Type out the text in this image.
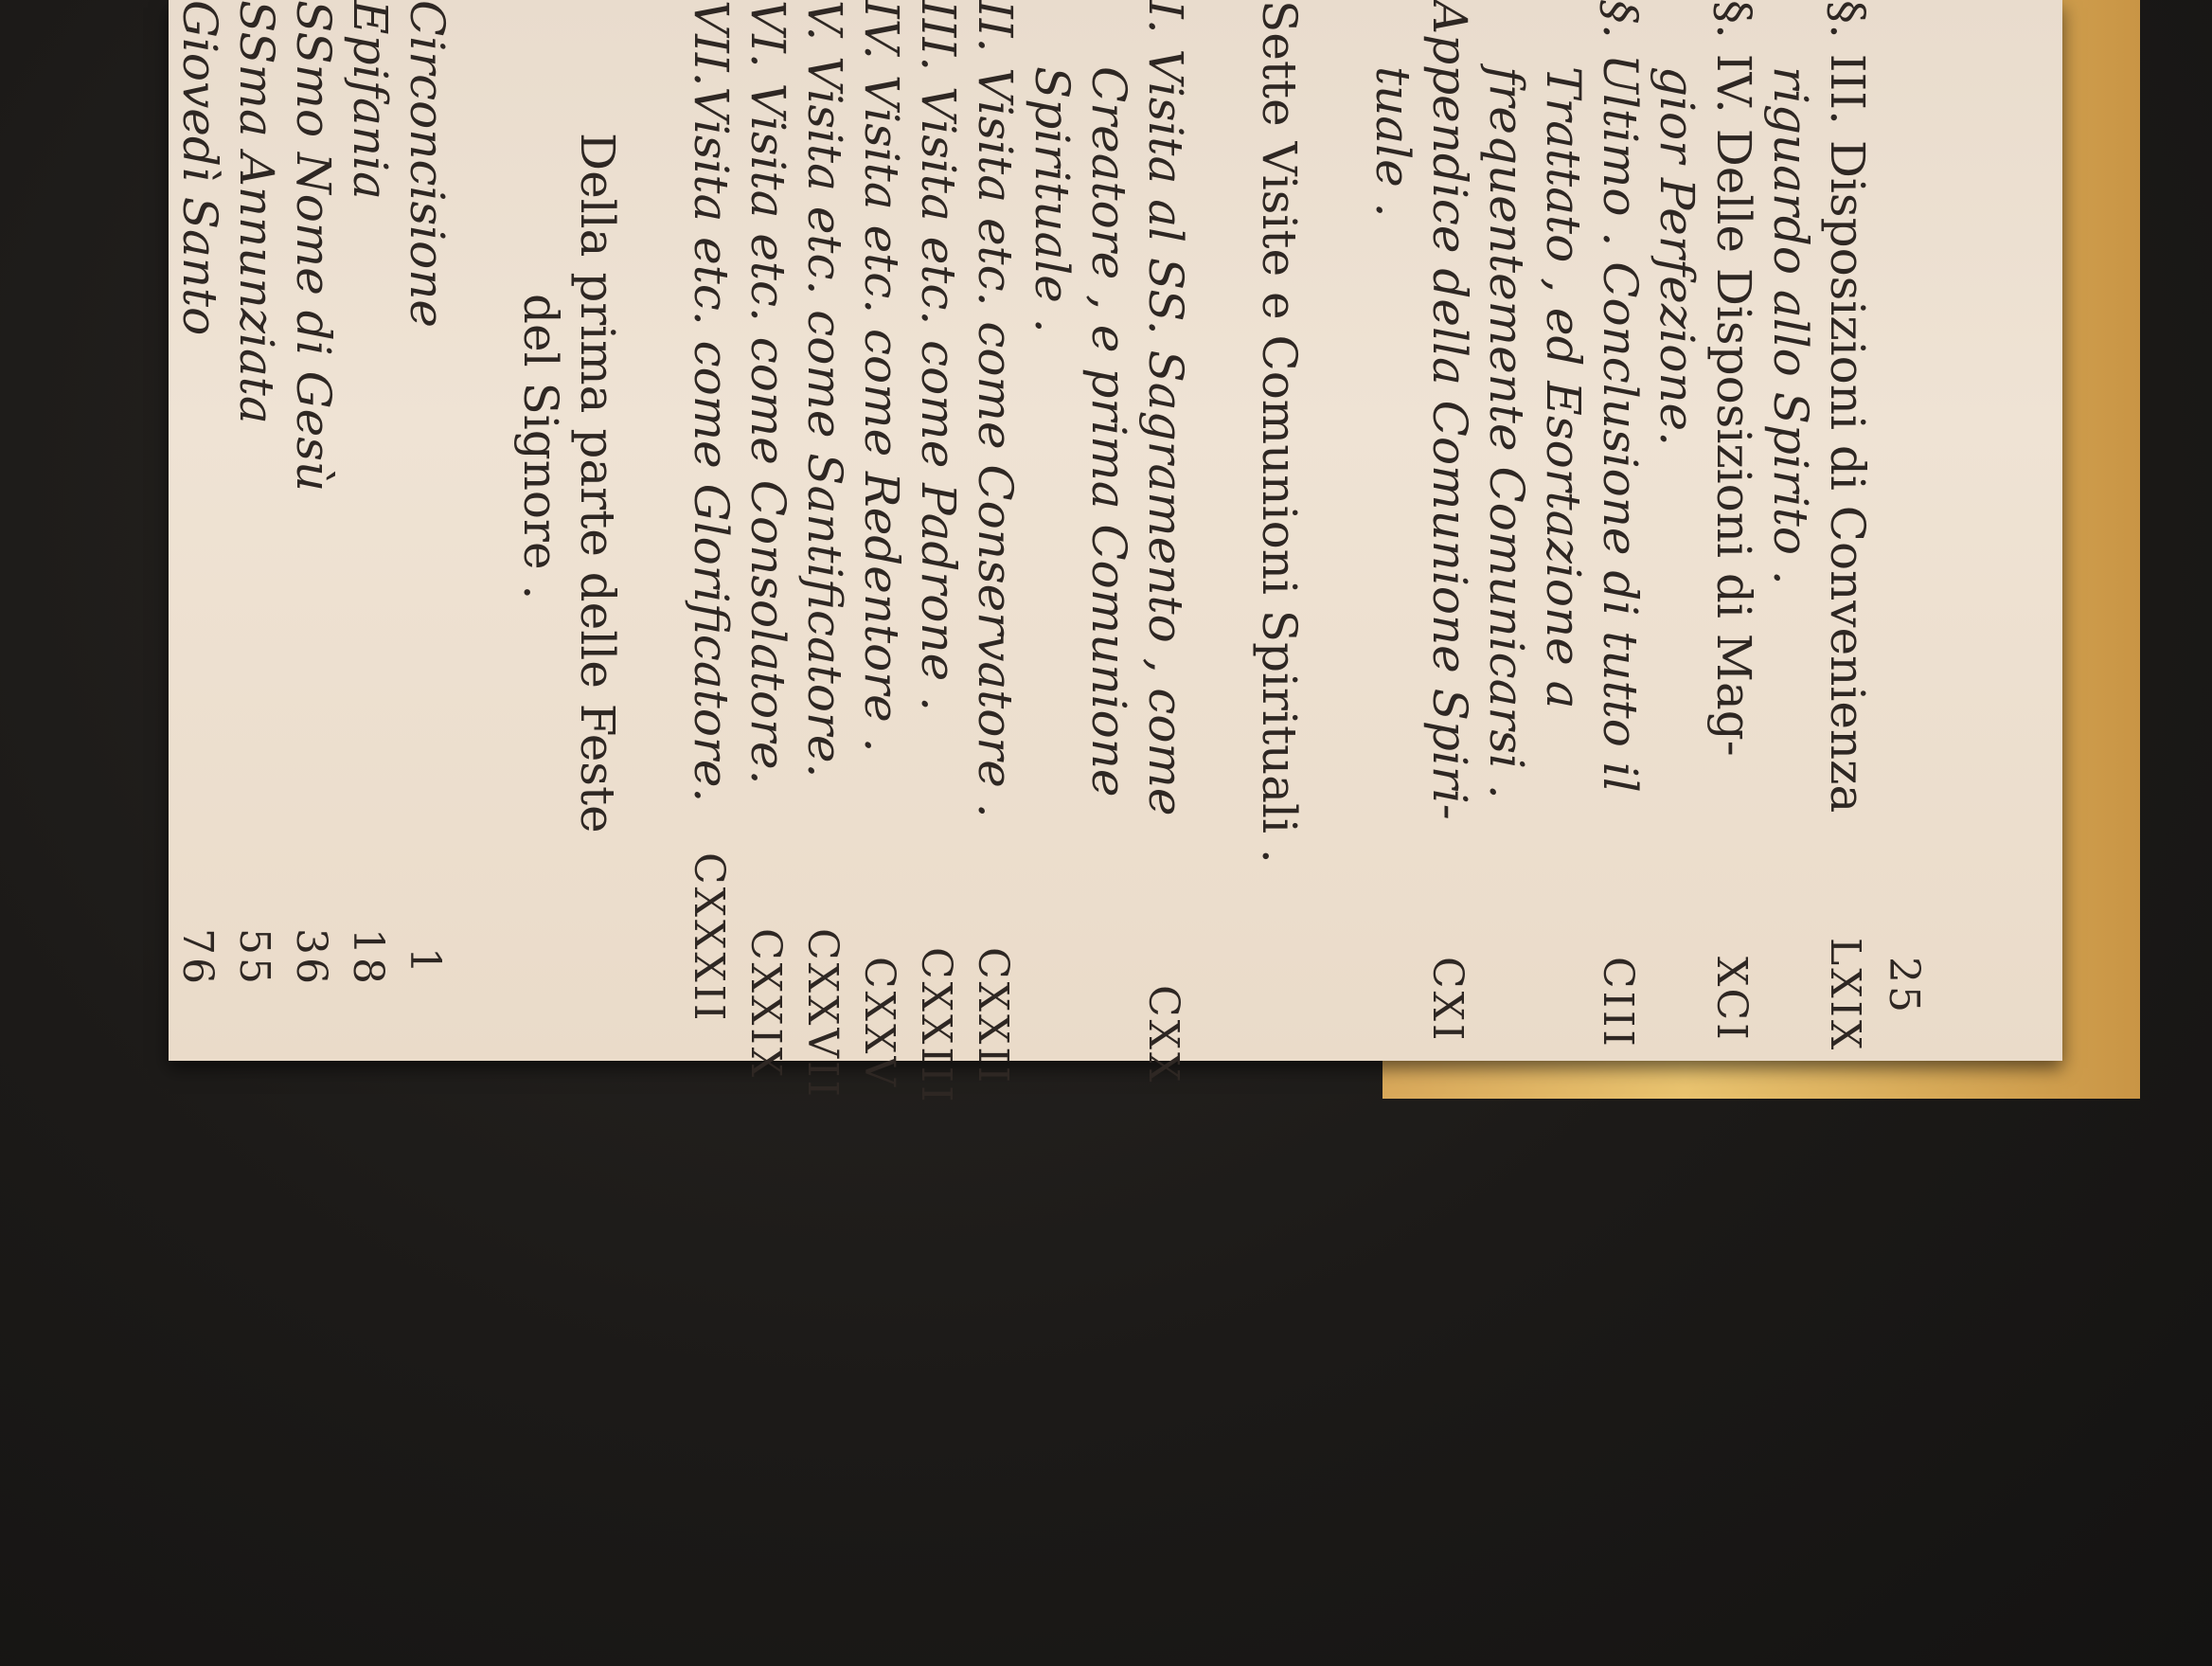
25
§. III. Disposizioni di Convenienza
LXIX
riguardo allo Spirito .
§. IV. Delle Disposizioni di Mag-
XCI
gior Perfezione.
§. Ultimo . Conclusione di tutto il
CIII
Trattato , ed Esortazione a
frequentemente Comunicarsi .
Appendice della Comunione Spiri-
CXI
tuale .
Sette Visite e Comunioni Spirituali .
I. Visita al SS. Sagramento , come
CXX
Creatore , e prima Comunione
Spirituale .
II. Visita etc. come Conservatore .
CXXII
III. Visita etc. come Padrone .
CXXIII
IV. Visita etc. come Redentore .
CXXV
V. Visita etc. come Santificatore.
CXXVII
VI. Visita etc. come Consolatore.
CXXIX
VII.Visita etc. come Glorificatore.
CXXXII
Della prima parte delle Feste
del Signore .
Circoncisione
1
Epifania
18
SSmo Nome di Gesù
36
SSma Annunziata
55
Giovedì Santo
76
